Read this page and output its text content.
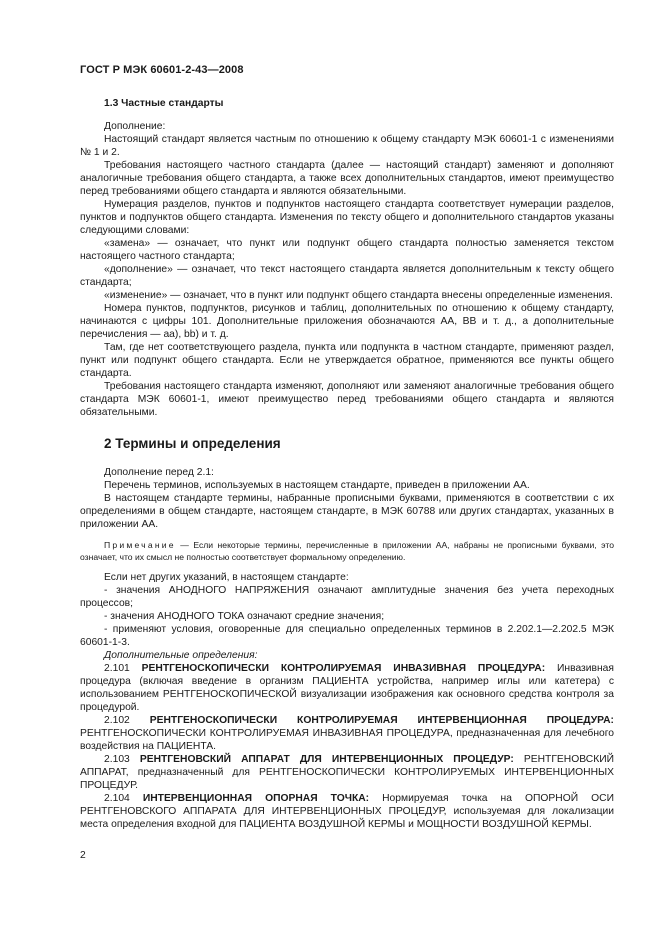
ГОСТ Р МЭК 60601-2-43—2008
1.3 Частные стандарты

Дополнение:

Настоящий стандарт является частным по отношению к общему стандарту МЭК 60601-1 с изменениями № 1 и 2.

Требования настоящего частного стандарта (далее — настоящий стандарт) заменяют и дополняют аналогичные требования общего стандарта, а также всех дополнительных стандартов, имеют преимущество перед требованиями общего стандарта и являются обязательными.

Нумерация разделов, пунктов и подпунктов настоящего стандарта соответствует нумерации разделов, пунктов и подпунктов общего стандарта. Изменения по тексту общего и дополнительного стандартов указаны следующими словами:

«замена» — означает, что пункт или подпункт общего стандарта полностью заменяется текстом настоящего частного стандарта;

«дополнение» — означает, что текст настоящего стандарта является дополнительным к тексту общего стандарта;

«изменение» — означает, что в пункт или подпункт общего стандарта внесены определенные изменения.

Номера пунктов, подпунктов, рисунков и таблиц, дополнительных по отношению к общему стандарту, начинаются с цифры 101. Дополнительные приложения обозначаются АА, ВВ и т. д., а дополнительные перечисления — аа), bb) и т. д.

Там, где нет соответствующего раздела, пункта или подпункта в частном стандарте, применяют раздел, пункт или подпункт общего стандарта. Если не утверждается обратное, применяются все пункты общего стандарта.

Требования настоящего стандарта изменяют, дополняют или заменяют аналогичные требования общего стандарта МЭК 60601-1, имеют преимущество перед требованиями общего стандарта и являются обязательными.

2 Термины и определения

Дополнение перед 2.1:

Перечень терминов, используемых в настоящем стандарте, приведен в приложении АА.

В настоящем стандарте термины, набранные прописными буквами, применяются в соответствии с их определениями в общем стандарте, настоящем стандарте, в МЭК 60788 или других стандартах, указанных в приложении АА.

Примечание — Если некоторые термины, перечисленные в приложении АА, набраны не прописными буквами, это означает, что их смысл не полностью соответствует формальному определению.

Если нет других указаний, в настоящем стандарте:

- значения АНОДНОГО НАПРЯЖЕНИЯ означают амплитудные значения без учета переходных процессов;

- значения АНОДНОГО ТОКА означают средние значения;

- применяют условия, оговоренные для специально определенных терминов в 2.202.1—2.202.5 МЭК 60601-1-3.

Дополнительные определения:

2.101 РЕНТГЕНОСКОПИЧЕСКИ КОНТРОЛИРУЕМАЯ ИНВАЗИВНАЯ ПРОЦЕДУРА: Инвазивная процедура (включая введение в организм ПАЦИЕНТА устройства, например иглы или катетера) с использованием РЕНТГЕНОСКОПИЧЕСКОЙ визуализации изображения как основного средства контроля за процедурой.

2.102 РЕНТГЕНОСКОПИЧЕСКИ КОНТРОЛИРУЕМАЯ ИНТЕРВЕНЦИОННАЯ ПРОЦЕДУРА: РЕНТГЕНОСКОПИЧЕСКИ КОНТРОЛИРУЕМАЯ ИНВАЗИВНАЯ ПРОЦЕДУРА, предназначенная для лечебного воздействия на ПАЦИЕНТА.

2.103 РЕНТГЕНОВСКИЙ АППАРАТ ДЛЯ ИНТЕРВЕНЦИОННЫХ ПРОЦЕДУР: РЕНТГЕНОВСКИЙ АППАРАТ, предназначенный для РЕНТГЕНОСКОПИЧЕСКИ КОНТРОЛИРУЕМЫХ ИНТЕРВЕНЦИОННЫХ ПРОЦЕДУР.

2.104 ИНТЕРВЕНЦИОННАЯ ОПОРНАЯ ТОЧКА: Нормируемая точка на ОПОРНОЙ ОСИ РЕНТГЕНОВСКОГО АППАРАТА ДЛЯ ИНТЕРВЕНЦИОННЫХ ПРОЦЕДУР, используемая для локализации места определения входной для ПАЦИЕНТА ВОЗДУШНОЙ КЕРМЫ и МОЩНОСТИ ВОЗДУШНОЙ КЕРМЫ.

2
